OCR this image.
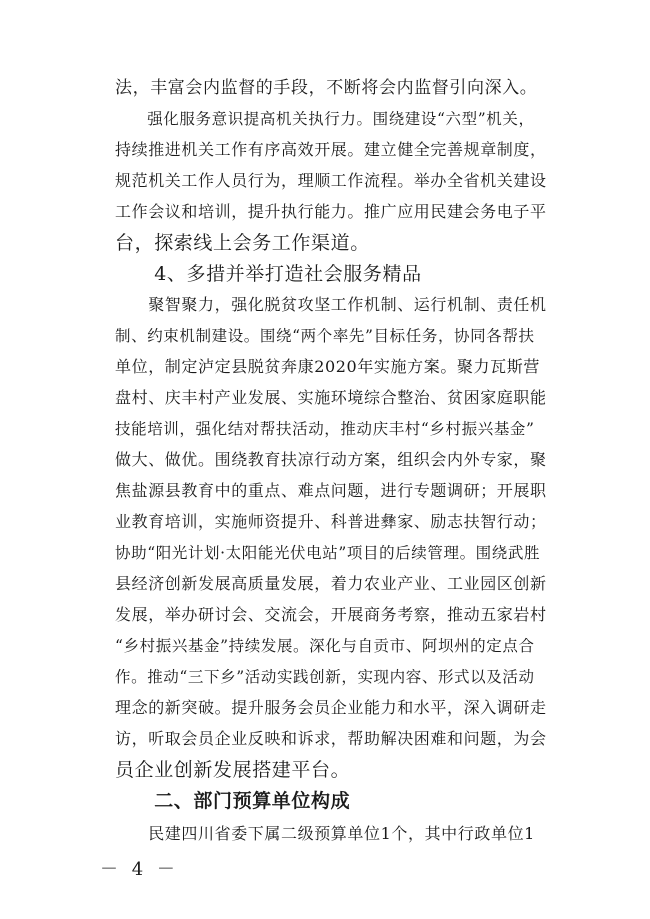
法，丰富会内监督的手段，不断将会内监督引向深入。
　　强化服务意识提高机关执行力。围绕建设“六型”机关，
持续推进机关工作有序高效开展。建立健全完善规章制度，
规范机关工作人员行为，理顺工作流程。举办全省机关建设
工作会议和培训，提升执行能力。推广应用民建会务电子平
台，探索线上会务工作渠道。
　　4、多措并举打造社会服务精品
　　聚智聚力，强化脱贫攻坚工作机制、运行机制、责任机
制、约束机制建设。围绕“两个率先”目标任务，协同各帮扶
单位，制定泸定县脱贫奔康2020年实施方案。聚力瓦斯营
盘村、庆丰村产业发展、实施环境综合整治、贫困家庭职能
技能培训，强化结对帮扶活动，推动庆丰村“乡村振兴基金”
做大、做优。围绕教育扶凉行动方案，组织会内外专家，聚
焦盐源县教育中的重点、难点问题，进行专题调研；开展职
业教育培训，实施师资提升、科普进彝家、励志扶智行动；
协助“阳光计划·太阳能光伏电站”项目的后续管理。围绕武胜
县经济创新发展高质量发展，着力农业产业、工业园区创新
发展，举办研讨会、交流会，开展商务考察，推动五家岩村
“乡村振兴基金”持续发展。深化与自贡市、阿坝州的定点合
作。推动“三下乡”活动实践创新，实现内容、形式以及活动
理念的新突破。提升服务会员企业能力和水平，深入调研走
访，听取会员企业反映和诉求，帮助解决困难和问题，为会
员企业创新发展搭建平台。
　　二、部门预算单位构成
　　民建四川省委下属二级预算单位1个，其中行政单位1
－ 4 －
